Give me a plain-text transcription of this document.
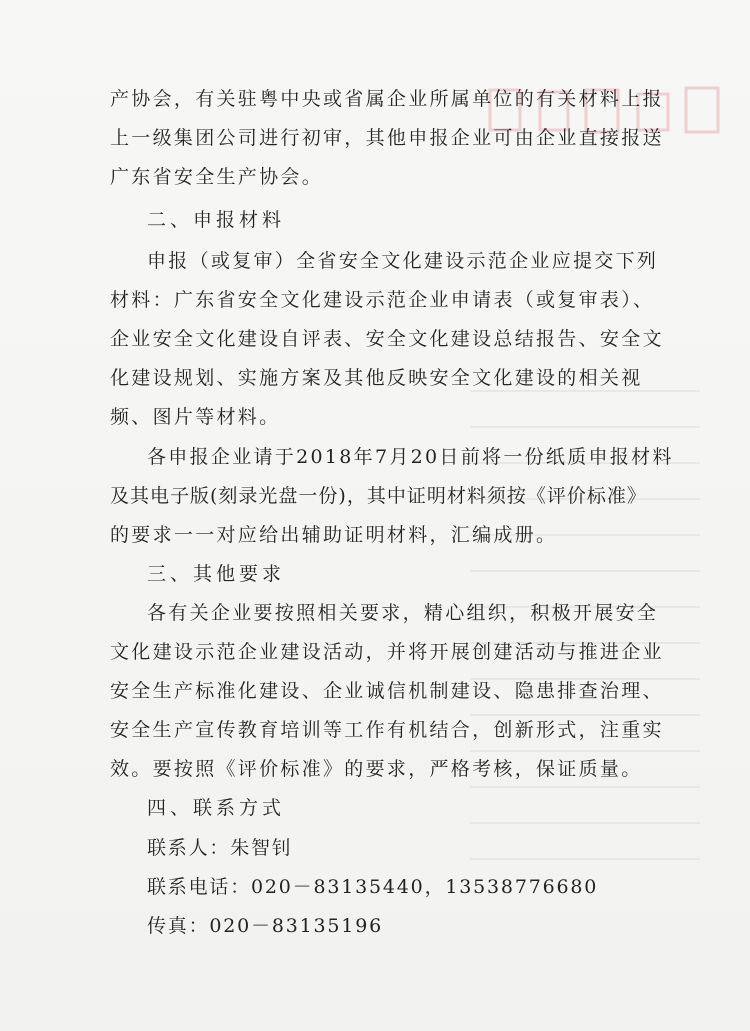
产协会，有关驻粤中央或省属企业所属单位的有关材料上报
上一级集团公司进行初审，其他申报企业可由企业直接报送
广东省安全生产协会。
二、申报材料
申报（或复审）全省安全文化建设示范企业应提交下列
材料：广东省安全文化建设示范企业申请表（或复审表）、
企业安全文化建设自评表、安全文化建设总结报告、安全文
化建设规划、实施方案及其他反映安全文化建设的相关视
频、图片等材料。
各申报企业请于2018年7月20日前将一份纸质申报材料
及其电子版(刻录光盘一份)，其中证明材料须按《评价标准》
的要求一一对应给出辅助证明材料，汇编成册。
三、其他要求
各有关企业要按照相关要求，精心组织，积极开展安全
文化建设示范企业建设活动，并将开展创建活动与推进企业
安全生产标准化建设、企业诚信机制建设、隐患排查治理、
安全生产宣传教育培训等工作有机结合，创新形式，注重实
效。要按照《评价标准》的要求，严格考核，保证质量。
四、联系方式
联系人：朱智钊
联系电话：020－83135440，13538776680
传真：020－83135196
